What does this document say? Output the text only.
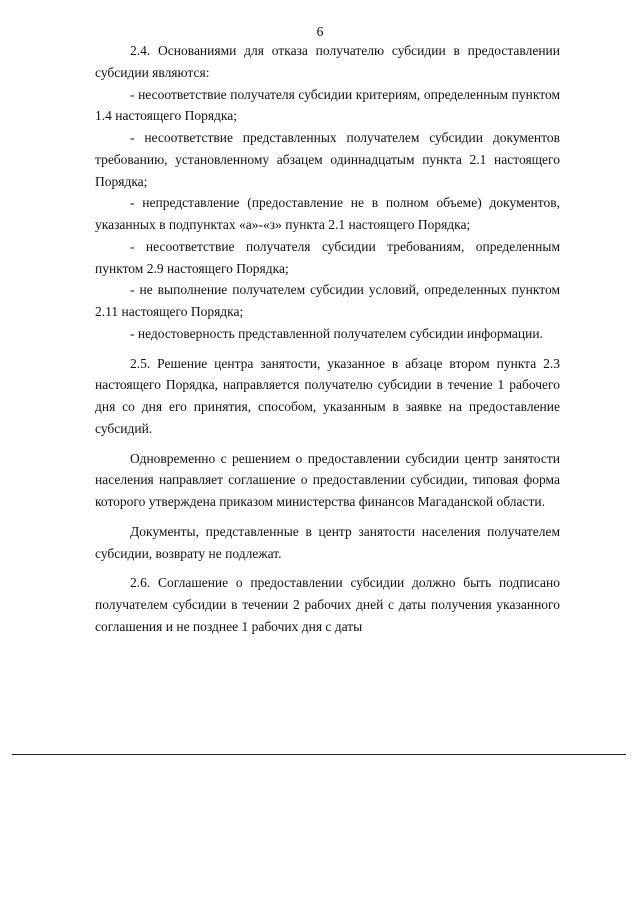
6

2.4. Основаниями для отказа получателю субсидии в предоставлении субсидии являются:

- несоответствие получателя субсидии критериям, определенным пунктом 1.4 настоящего Порядка;

- несоответствие представленных получателем субсидии документов требованию, установленному абзацем одиннадцатым пункта 2.1 настоящего Порядка;

- непредставление (предоставление не в полном объеме) документов, указанных в подпунктах «а»-«з» пункта 2.1 настоящего Порядка;

- несоответствие получателя субсидии требованиям, определенным пунктом 2.9 настоящего Порядка;

- не выполнение получателем субсидии условий, определенных пунктом 2.11 настоящего Порядка;

- недостоверность представленной получателем субсидии информации.

2.5. Решение центра занятости, указанное в абзаце втором пункта 2.3 настоящего Порядка, направляется получателю субсидии в течение 1 рабочего дня со дня его принятия, способом, указанным в заявке на предоставление субсидий.

Одновременно с решением о предоставлении субсидии центр занятости населения направляет соглашение о предоставлении субсидии, типовая форма которого утверждена приказом министерства финансов Магаданской области.

Документы, представленные в центр занятости населения получателем субсидии, возврату не подлежат.

2.6. Соглашение о предоставлении субсидии должно быть подписано получателем субсидии в течении 2 рабочих дней с даты получения указанного соглашения и не позднее 1 рабочих дня с даты
